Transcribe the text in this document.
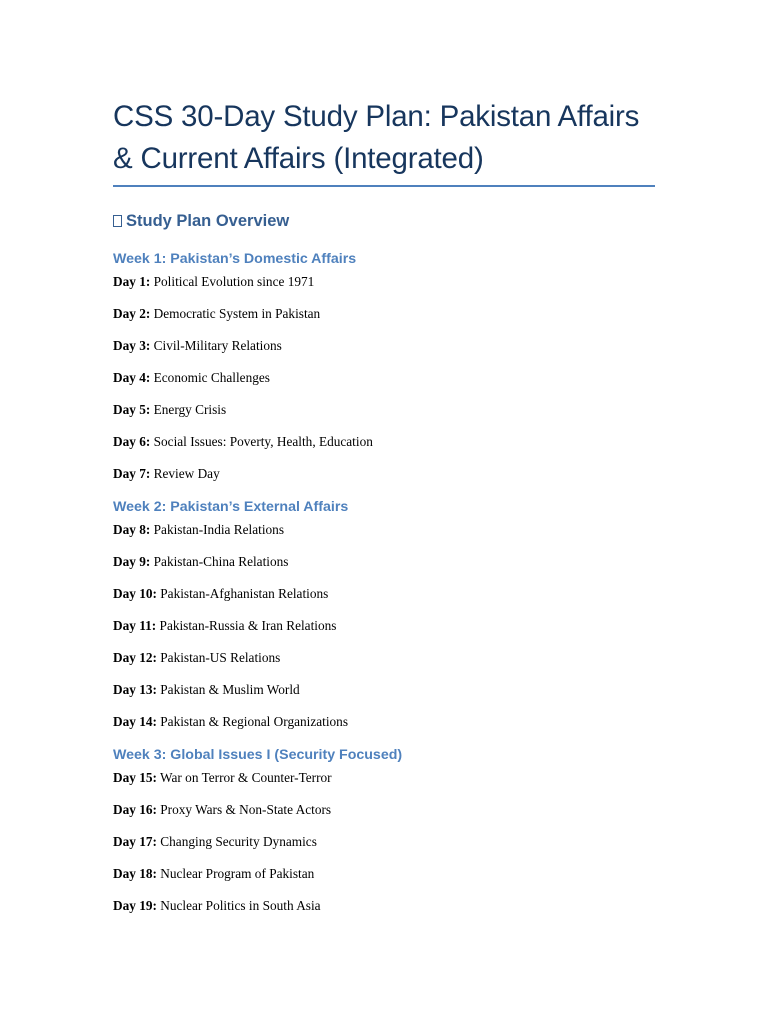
CSS 30-Day Study Plan: Pakistan Affairs & Current Affairs (Integrated)
Study Plan Overview
Week 1: Pakistan’s Domestic Affairs

Day 1: Political Evolution since 1971

Day 2: Democratic System in Pakistan

Day 3: Civil-Military Relations

Day 4: Economic Challenges

Day 5: Energy Crisis

Day 6: Social Issues: Poverty, Health, Education

Day 7: Review Day

Week 2: Pakistan’s External Affairs

Day 8: Pakistan-India Relations

Day 9: Pakistan-China Relations

Day 10: Pakistan-Afghanistan Relations

Day 11: Pakistan-Russia & Iran Relations

Day 12: Pakistan-US Relations

Day 13: Pakistan & Muslim World

Day 14: Pakistan & Regional Organizations

Week 3: Global Issues I (Security Focused)

Day 15: War on Terror & Counter-Terror

Day 16: Proxy Wars & Non-State Actors

Day 17: Changing Security Dynamics

Day 18: Nuclear Program of Pakistan

Day 19: Nuclear Politics in South Asia
